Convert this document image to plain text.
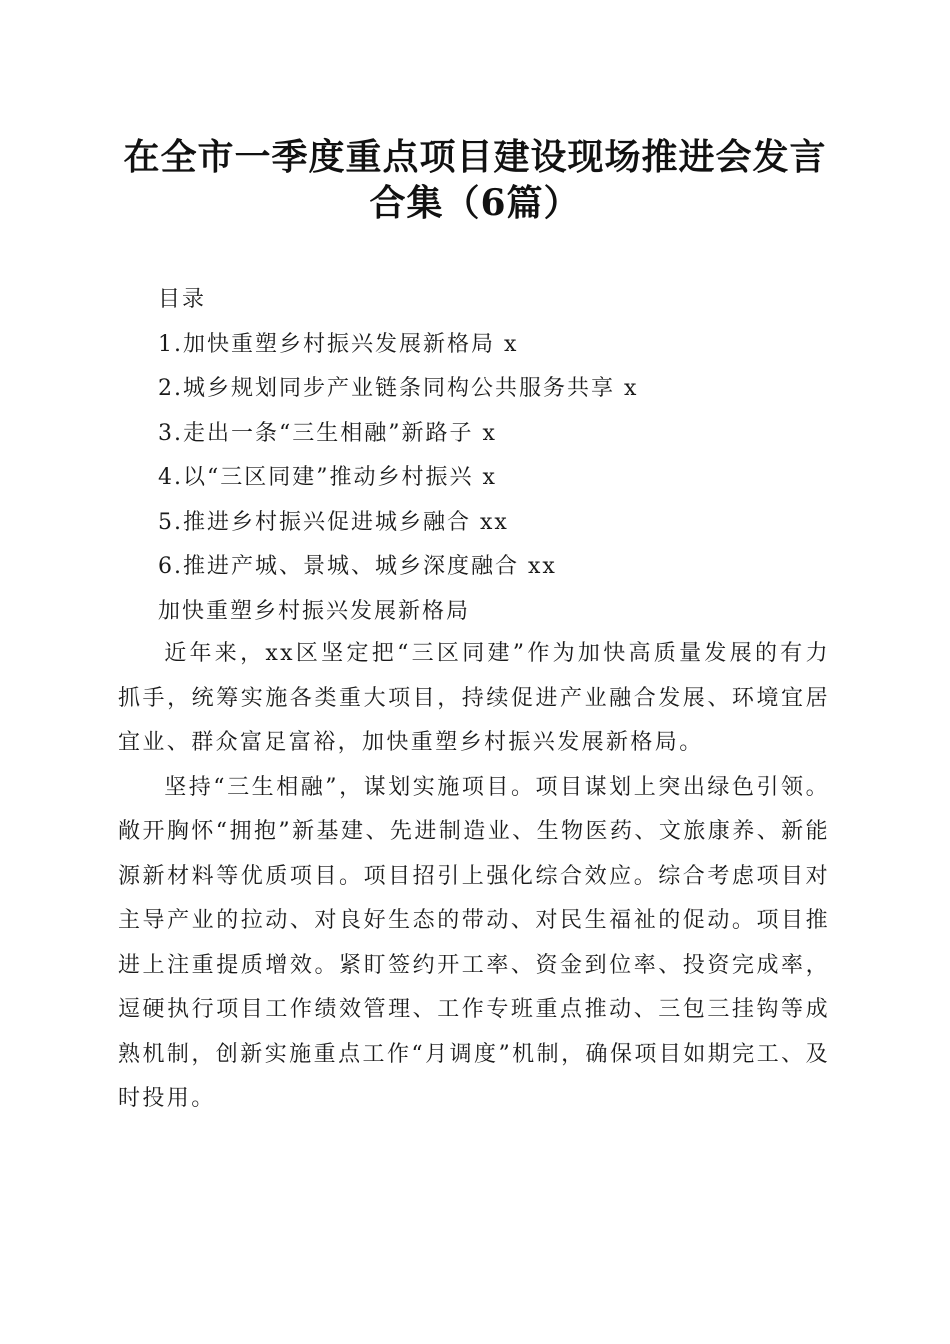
在全市一季度重点项目建设现场推进会发言合集（6篇）
目录
1.加快重塑乡村振兴发展新格局 x
2.城乡规划同步产业链条同构公共服务共享 x
3.走出一条“三生相融”新路子 x
4.以“三区同建”推动乡村振兴 x
5.推进乡村振兴促进城乡融合 xx
6.推进产城、景城、城乡深度融合 xx
加快重塑乡村振兴发展新格局

近年来，xx区坚定把“三区同建”作为加快高质量发展的有力抓手，统筹实施各类重大项目，持续促进产业融合发展、环境宜居宜业、群众富足富裕，加快重塑乡村振兴发展新格局。

坚持“三生相融”，谋划实施项目。项目谋划上突出绿色引领。敞开胸怀“拥抱”新基建、先进制造业、生物医药、文旅康养、新能源新材料等优质项目。项目招引上强化综合效应。综合考虑项目对主导产业的拉动、对良好生态的带动、对民生福祉的促动。项目推进上注重提质增效。紧盯签约开工率、资金到位率、投资完成率，逗硬执行项目工作绩效管理、工作专班重点推动、三包三挂钩等成熟机制，创新实施重点工作“月调度”机制，确保项目如期完工、及时投用。
